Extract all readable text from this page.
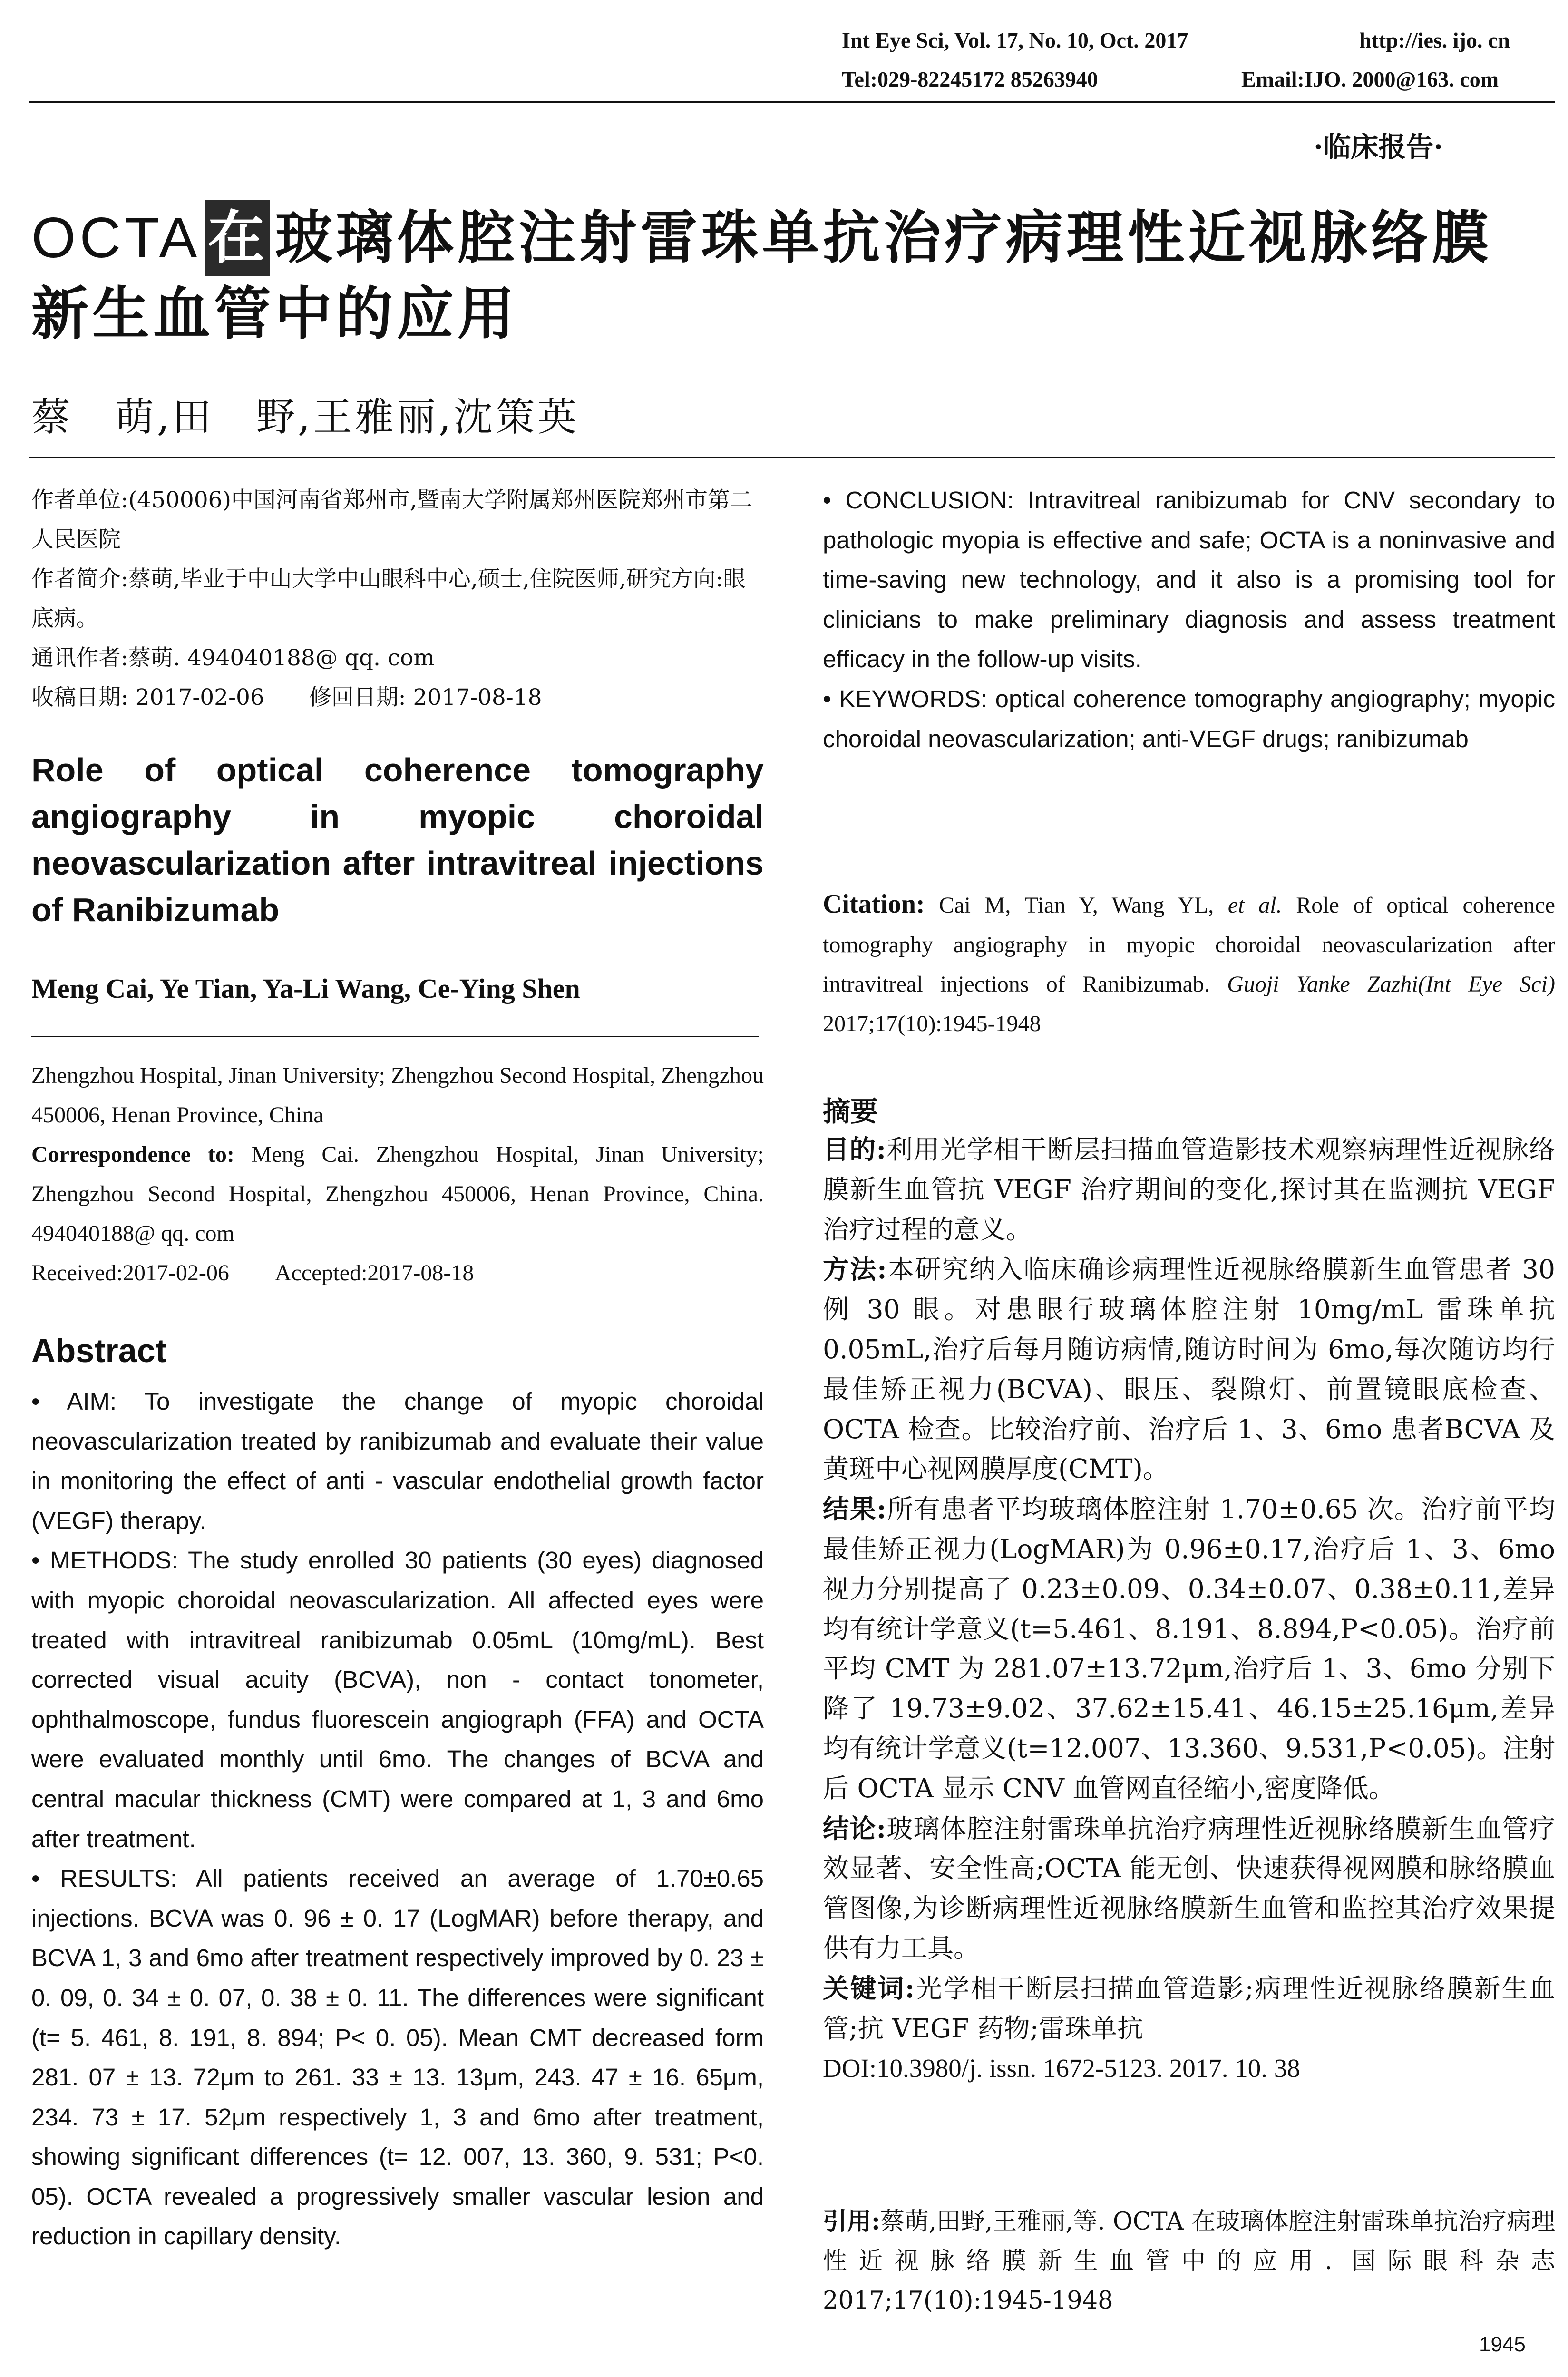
Int Eye Sci, Vol. 17, No. 10, Oct. 2017	http://ies. ijo. cn
Tel:029-82245172 85263940	Email:IJO. 2000@163. com
·临床报告·
OCTA 在 玻璃体腔注射雷珠单抗治疗病理性近视脉络膜
新生血管中的应用
蔡　萌,田　野,王雅丽,沈策英

作者单位:(450006)中国河南省郑州市,暨南大学附属郑州医院郑州市第二人民医院

作者简介:蔡萌,毕业于中山大学中山眼科中心,硕士,住院医师,研究方向:眼底病。

通讯作者:蔡萌. 494040188@ qq. com

收稿日期: 2017-02-06　　修回日期: 2017-08-18

Role of optical coherence tomography angiography in myopic choroidal neovascularization after intravitreal injections of Ranibizumab
Meng Cai, Ye Tian, Ya-Li Wang, Ce-Ying Shen

Zhengzhou Hospital, Jinan University; Zhengzhou Second Hospital, Zhengzhou 450006, Henan Province, China

Correspondence to: Meng Cai. Zhengzhou Hospital, Jinan University; Zhengzhou Second Hospital, Zhengzhou 450006, Henan Province, China. 494040188@ qq. com

Received:2017-02-06　　Accepted:2017-08-18

Abstract

• AIM: To investigate the change of myopic choroidal neovascularization treated by ranibizumab and evaluate their value in monitoring the effect of anti - vascular endothelial growth factor (VEGF) therapy.

• METHODS: The study enrolled 30 patients (30 eyes) diagnosed with myopic choroidal neovascularization. All affected eyes were treated with intravitreal ranibizumab 0.05mL (10mg/mL). Best corrected visual acuity (BCVA), non - contact tonometer, ophthalmoscope, fundus fluorescein angiograph (FFA) and OCTA were evaluated monthly until 6mo. The changes of BCVA and central macular thickness (CMT) were compared at 1, 3 and 6mo after treatment.

• RESULTS: All patients received an average of 1.70±0.65 injections. BCVA was 0. 96 ± 0. 17 (LogMAR) before therapy, and BCVA 1, 3 and 6mo after treatment respectively improved by 0. 23 ± 0. 09, 0. 34 ± 0. 07, 0. 38 ± 0. 11. The differences were significant (t= 5. 461, 8. 191, 8. 894; P< 0. 05). Mean CMT decreased form 281. 07 ± 13. 72μm to 261. 33 ± 13. 13μm, 243. 47 ± 16. 65μm, 234. 73 ± 17. 52μm respectively 1, 3 and 6mo after treatment, showing significant differences (t= 12. 007, 13. 360, 9. 531; P<0. 05). OCTA revealed a progressively smaller vascular lesion and reduction in capillary density.

• CONCLUSION: Intravitreal ranibizumab for CNV secondary to pathologic myopia is effective and safe; OCTA is a noninvasive and time-saving new technology, and it also is a promising tool for clinicians to make preliminary diagnosis and assess treatment efficacy in the follow-up visits.

• KEYWORDS: optical coherence tomography angiography; myopic choroidal neovascularization; anti-VEGF drugs; ranibizumab

Citation: Cai M, Tian Y, Wang YL, et al. Role of optical coherence tomography angiography in myopic choroidal neovascularization after intravitreal injections of Ranibizumab. Guoji Yanke Zazhi(Int Eye Sci) 2017;17(10):1945-1948
摘要

目的:利用光学相干断层扫描血管造影技术观察病理性近视脉络膜新生血管抗 VEGF 治疗期间的变化,探讨其在监测抗 VEGF 治疗过程的意义。

方法:本研究纳入临床确诊病理性近视脉络膜新生血管患者 30 例 30 眼。对患眼行玻璃体腔注射 10mg/mL 雷珠单抗 0.05mL,治疗后每月随访病情,随访时间为 6mo,每次随访均行最佳矫正视力(BCVA)、眼压、裂隙灯、前置镜眼底检查、OCTA 检查。比较治疗前、治疗后 1、3、6mo 患者BCVA 及黄斑中心视网膜厚度(CMT)。

结果:所有患者平均玻璃体腔注射 1.70±0.65 次。治疗前平均最佳矫正视力(LogMAR)为 0.96±0.17,治疗后 1、3、6mo 视力分别提高了 0.23±0.09、0.34±0.07、0.38±0.11,差异均有统计学意义(t=5.461、8.191、8.894,P<0.05)。治疗前平均 CMT 为 281.07±13.72μm,治疗后 1、3、6mo 分别下降了 19.73±9.02、37.62±15.41、46.15±25.16μm,差异均有统计学意义(t=12.007、13.360、9.531,P<0.05)。注射后 OCTA 显示 CNV 血管网直径缩小,密度降低。

结论:玻璃体腔注射雷珠单抗治疗病理性近视脉络膜新生血管疗效显著、安全性高;OCTA 能无创、快速获得视网膜和脉络膜血管图像,为诊断病理性近视脉络膜新生血管和监控其治疗效果提供有力工具。

关键词:光学相干断层扫描血管造影;病理性近视脉络膜新生血管;抗 VEGF 药物;雷珠单抗

DOI:10.3980/j. issn. 1672-5123. 2017. 10. 38

引用:蔡萌,田野,王雅丽,等. OCTA 在玻璃体腔注射雷珠单抗治疗病理性近视脉络膜新生血管中的应用. 国际眼科杂志 2017;17(10):1945-1948
1945
